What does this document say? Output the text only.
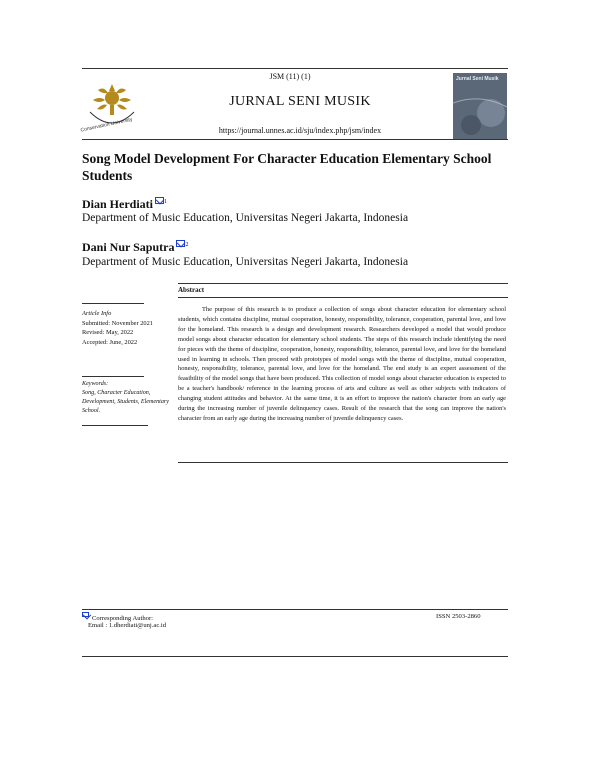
JSM (11) (1)
Conservation University
JURNAL SENI MUSIK
https://journal.unnes.ac.id/sju/index.php/jsm/index
Jurnal Seni Musik
Song Model Development For Character Education Elementary School Students
Dian Herdiati $^1$
Department of Music Education, Universitas Negeri Jakarta, Indonesia
Dani Nur Saputra $^2$
Department of Music Education, Universitas Negeri Jakarta, Indonesia
Abstract
The purpose of this research is to produce a collection of songs about character education for elementary school students, which contains discipline, mutual cooperation, honesty, responsibility, tolerance, cooperation, parental love, and love for the homeland. This research is a design and development research. Researchers developed a model that would produce model songs about character education for elementary school students. The steps of this research include identifying the need for pieces with the theme of discipline, cooperation, honesty, responsibility, tolerance, parental love, and love for the homeland used in learning in schools. Then proceed with prototypes of model songs with the theme of discipline, mutual cooperation, honesty, responsibility, tolerance, parental love, and love for the homeland. The end study is an expert assessment of the feasibility of the model songs that have been produced. This collection of model songs about character education is expected to be a teacher's handbook/ reference in the learning process of arts and culture as well as other subjects with indicators of changing student attitudes and behavior. At the same time, it is an effort to improve the nation's character from an early age during the increasing number of juvenile delinquency cases. Result of the research that the song can improve the nation's character from an early age during the increasing number of juvenile delinquency cases.
Article Info
Submitted: November 2021
Revised: May, 2022
Accepted: June, 2022
Keywords:
Song, Character Education, Development, Students, Elementary School.
Corresponding Author:
Email : 1.dherdiati@unj.ac.id
ISSN 2503-2860
